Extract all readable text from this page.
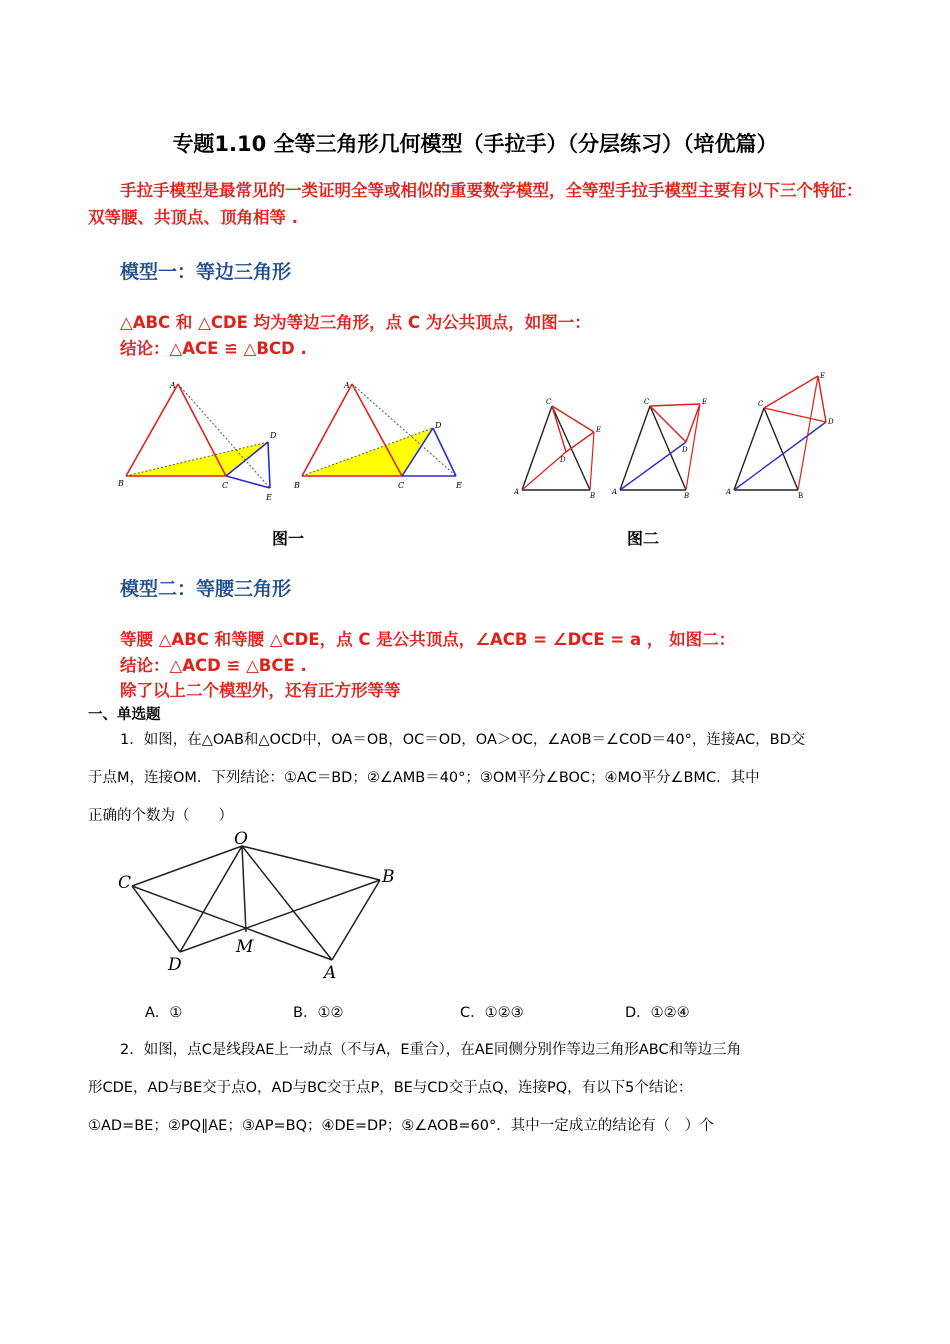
专题1.10 全等三角形几何模型（手拉手）（分层练习）（培优篇）
手拉手模型是最常见的一类证明全等或相似的重要数学模型，全等型手拉手模型主要有以下三个特征：双等腰、共顶点、顶角相等 .
模型一：等边三角形
△ABC 和 △CDE 均为等边三角形，点 C 为公共顶点，如图一：
结论：△ACE ≌ △BCD .
A
B	C
D
E
A
B	C
D
E
C
E
D
A	B
C	E
D
A	B
C
E
D
A	B
图一	图二
模型二：等腰三角形
等腰 △ABC 和等腰 △CDE，点 C 是公共顶点，∠ACB = ∠DCE = a ， 如图二：
结论：△ACD ≌ △BCE .
除了以上二个模型外，还有正方形等等
一、单选题
1．如图，在△OAB和△OCD中，OA＝OB，OC＝OD，OA＞OC，∠AOB＝∠COD＝40°，连接AC，BD交
于点M，连接OM．下列结论：①AC＝BD；②∠AMB＝40°；③OM平分∠BOC；④MO平分∠BMC．其中
正确的个数为（　　）
O
C	B
M
D	A
A．①	B．①②	C．①②③	D．①②④
2．如图，点C是线段AE上一动点（不与A，E重合），在AE同侧分别作等边三角形ABC和等边三角
形CDE，AD与BE交于点O，AD与BC交于点P，BE与CD交于点Q，连接PQ，有以下5个结论：
①AD=BE；②PQ∥AE；③AP=BQ；④DE=DP；⑤∠AOB=60°．其中一定成立的结论有（　）个
